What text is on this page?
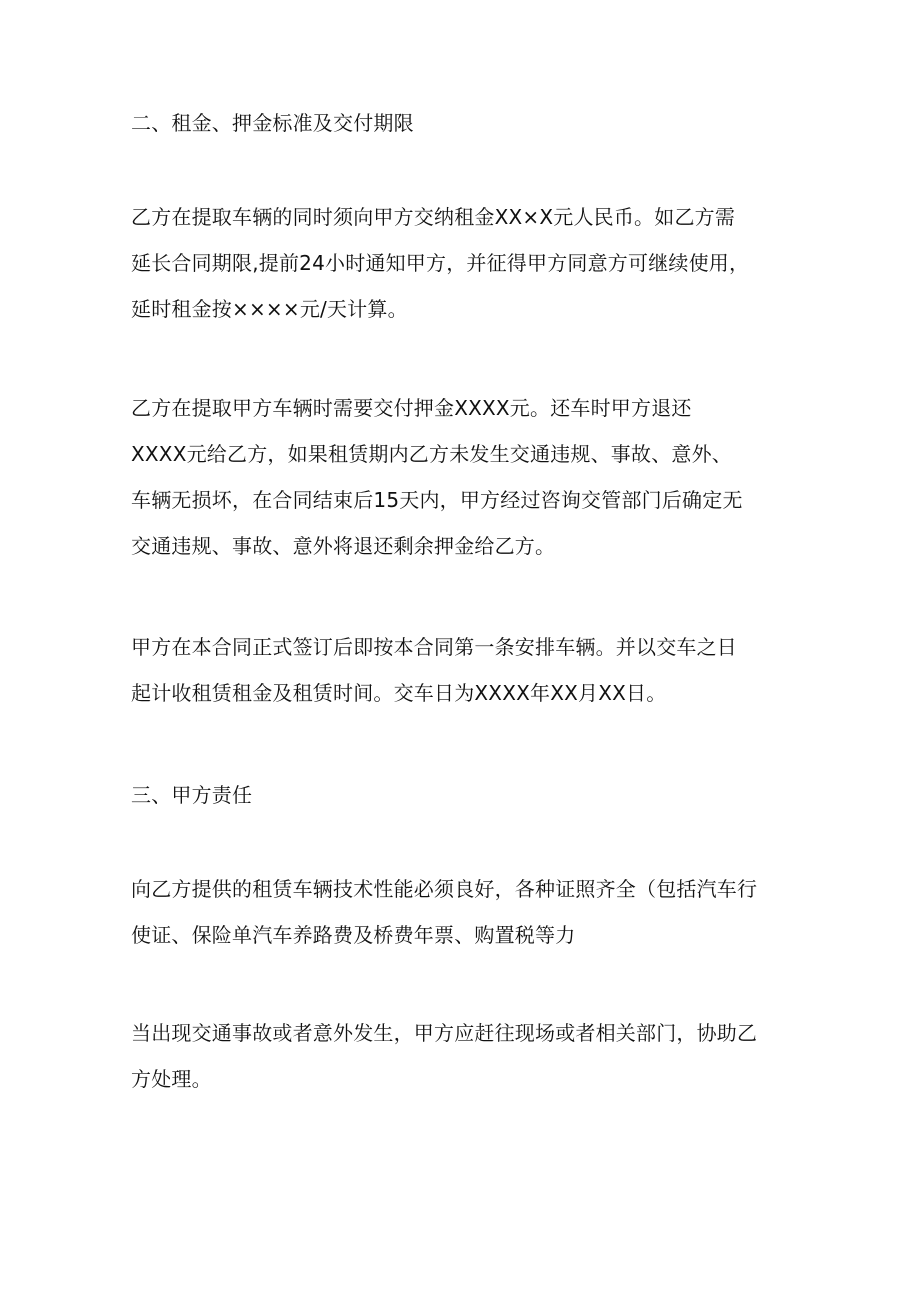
二、租金、押金标准及交付期限

乙方在提取车辆的同时须向甲方交纳租金XX×X元人民币。如乙方需
延长合同期限,提前24小时通知甲方，并征得甲方同意方可继续使用，
延时租金按××××元/天计算。

乙方在提取甲方车辆时需要交付押金XXXX元。还车时甲方退还
XXXX元给乙方，如果租赁期内乙方未发生交通违规、事故、意外、
车辆无损坏，在合同结束后15天内，甲方经过咨询交管部门后确定无
交通违规、事故、意外将退还剩余押金给乙方。

甲方在本合同正式签订后即按本合同第一条安排车辆。并以交车之日
起计收租赁租金及租赁时间。交车日为XXXX年XX月XX日。

三、甲方责任

向乙方提供的租赁车辆技术性能必须良好，各种证照齐全（包括汽车行
使证、保险单汽车养路费及桥费年票、购置税等力

当出现交通事故或者意外发生，甲方应赶往现场或者相关部门，协助乙
方处理。
